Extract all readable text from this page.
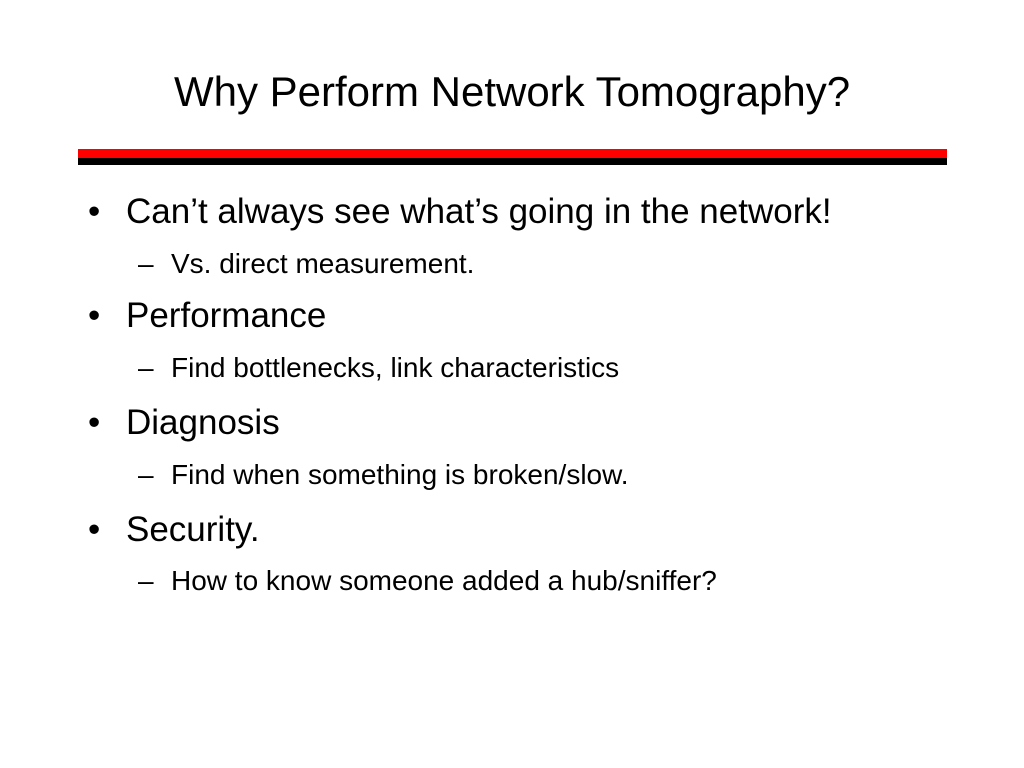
Why Perform Network Tomography?
• Can’t always see what’s going in the network!
– Vs. direct measurement.
• Performance
– Find bottlenecks, link characteristics
• Diagnosis
– Find when something is broken/slow.
• Security.
– How to know someone added a hub/sniffer?
